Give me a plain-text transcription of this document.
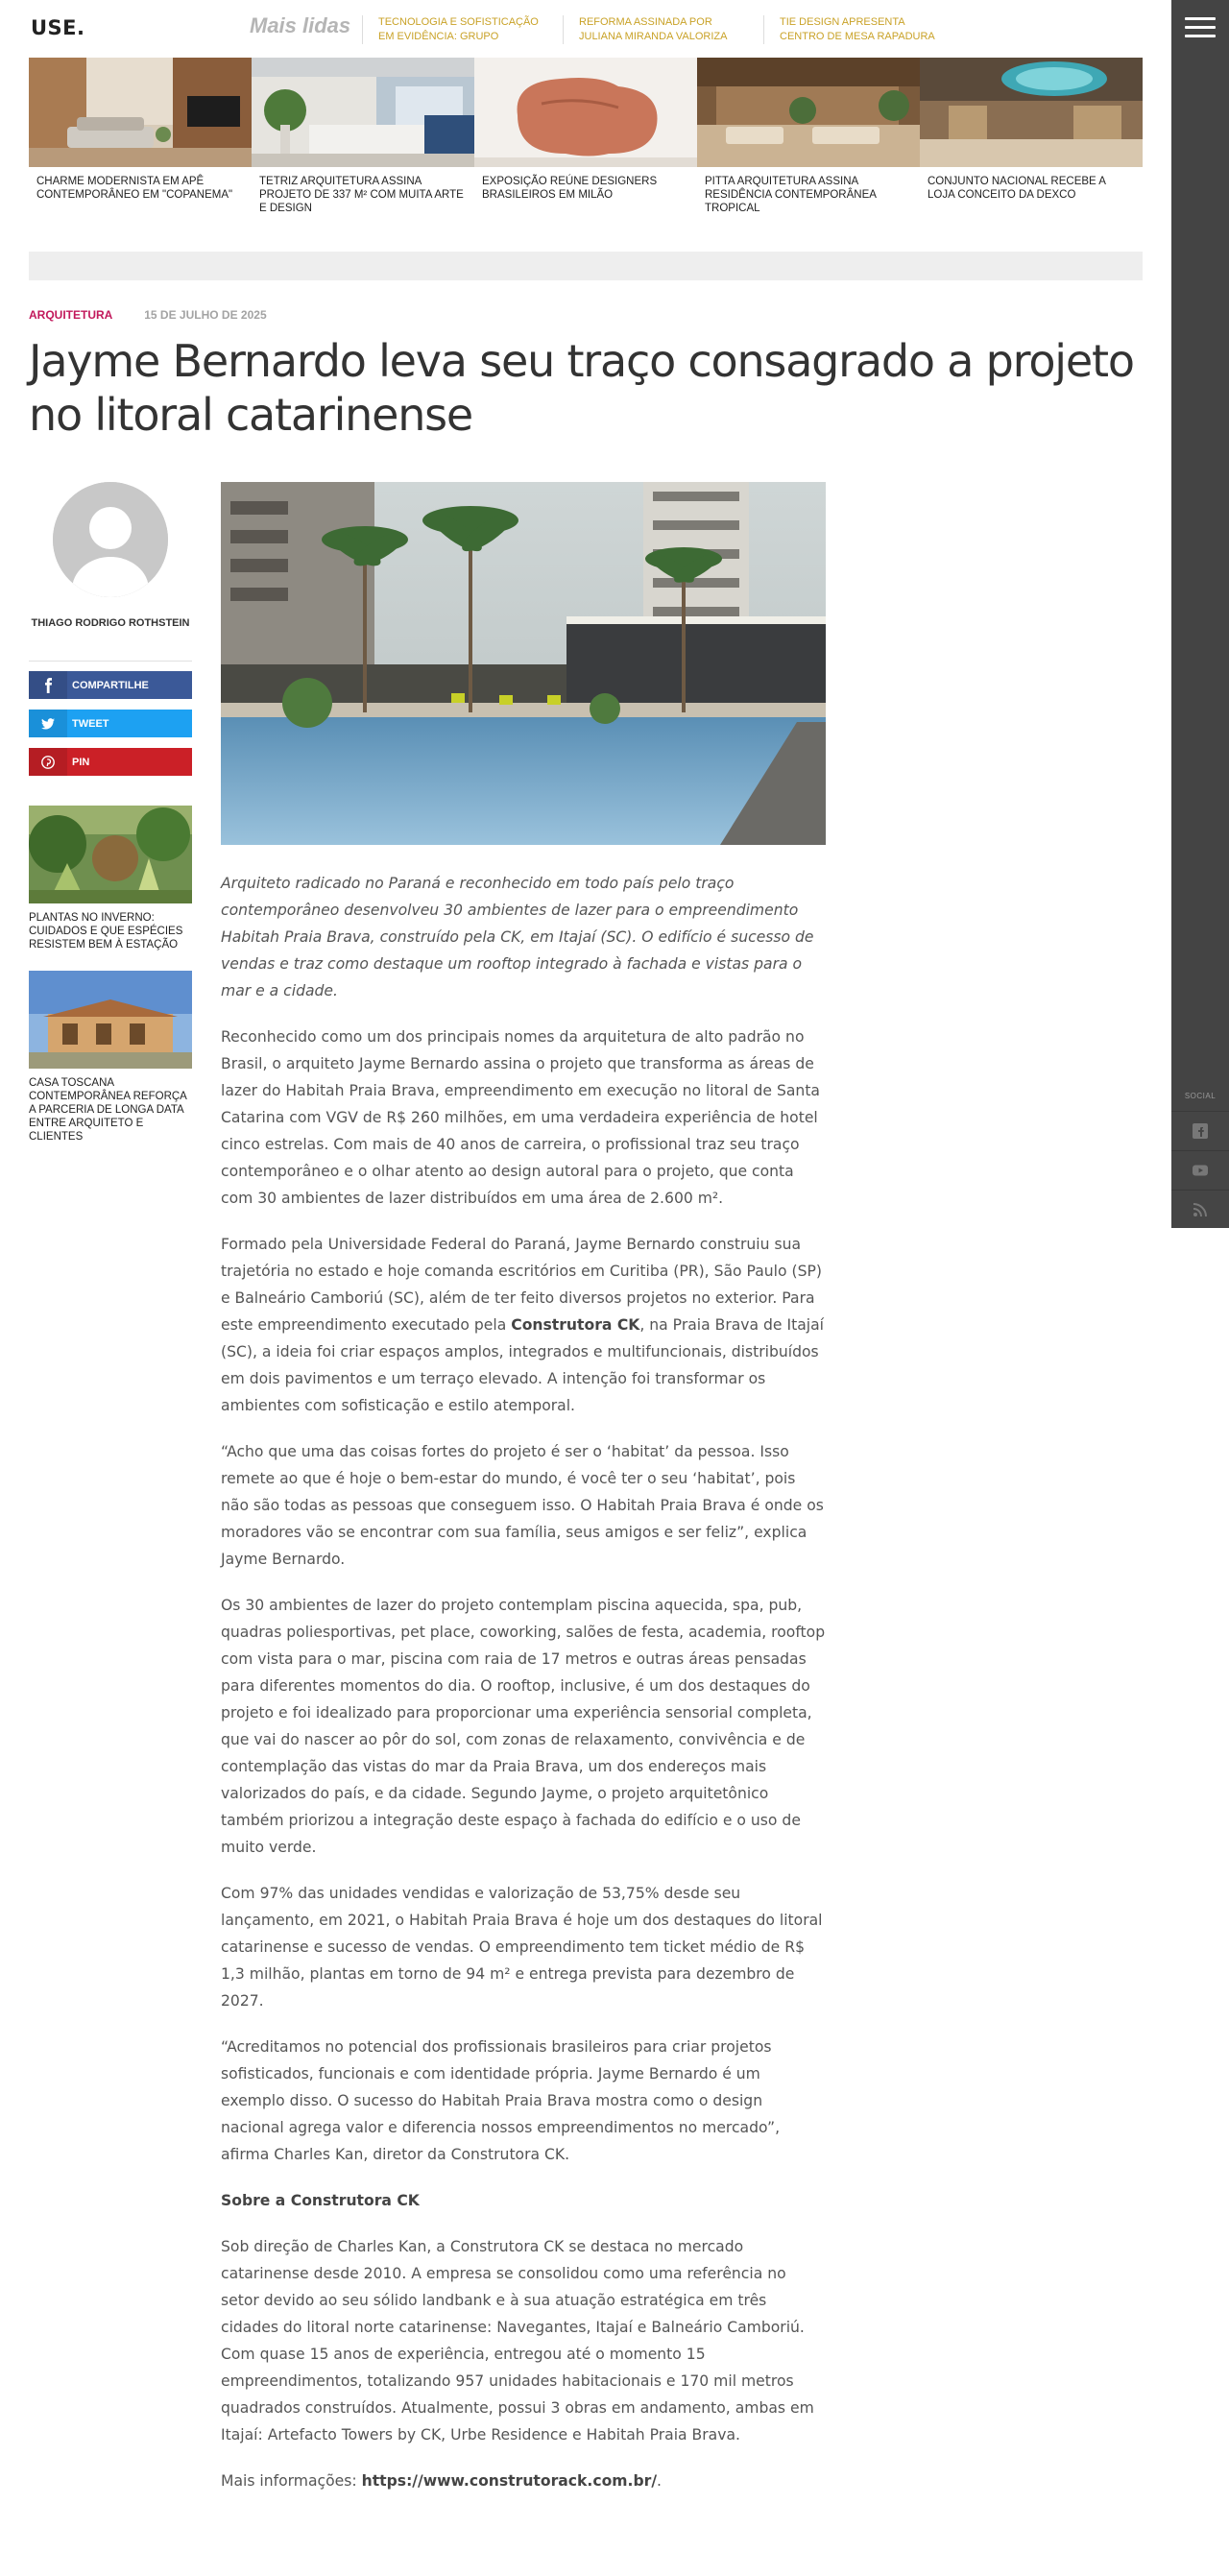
USE.	Mais lidas	TECNOLOGIA E SOFISTICAÇÃO EM EVIDÊNCIA: GRUPO
REFORMA ASSINADA POR JULIANA MIRANDA VALORIZA
TIE DESIGN APRESENTA CENTRO DE MESA RAPADURA
SOCIAL
CHARME MODERNISTA EM APÊ CONTEMPORÂNEO EM "COPANEMA"
TETRIZ ARQUITETURA ASSINA PROJETO DE 337 M² COM MUITA ARTE E DESIGN
EXPOSIÇÃO REÚNE DESIGNERS BRASILEIROS EM MILÃO
PITTA ARQUITETURA ASSINA RESIDÊNCIA CONTEMPORÂNEA TROPICAL
CONJUNTO NACIONAL RECEBE A LOJA CONCEITO DA DEXCO
ARQUITETURA	15 DE JULHO DE 2025
Jayme Bernardo leva seu traço consagrado a projeto no litoral catarinense
THIAGO RODRIGO ROTHSTEIN
COMPARTILHE
TWEET
PIN
PLANTAS NO INVERNO: CUIDADOS E QUE ESPÉCIES RESISTEM BEM À ESTAÇÃO
CASA TOSCANA CONTEMPORÂNEA REFORÇA A PARCERIA DE LONGA DATA ENTRE ARQUITETO E CLIENTES

Arquiteto radicado no Paraná e reconhecido em todo país pelo traço contemporâneo desenvolveu 30 ambientes de lazer para o empreendimento Habitah Praia Brava, construído pela CK, em Itajaí (SC). O edifício é sucesso de vendas e traz como destaque um rooftop integrado à fachada e vistas para o mar e a cidade.

Reconhecido como um dos principais nomes da arquitetura de alto padrão no Brasil, o arquiteto Jayme Bernardo assina o projeto que transforma as áreas de lazer do Habitah Praia Brava, empreendimento em execução no litoral de Santa Catarina com VGV de R$ 260 milhões, em uma verdadeira experiência de hotel cinco estrelas. Com mais de 40 anos de carreira, o profissional traz seu traço contemporâneo e o olhar atento ao design autoral para o projeto, que conta com 30 ambientes de lazer distribuídos em uma área de 2.600 m².

Formado pela Universidade Federal do Paraná, Jayme Bernardo construiu sua trajetória no estado e hoje comanda escritórios em Curitiba (PR), São Paulo (SP) e Balneário Camboriú (SC), além de ter feito diversos projetos no exterior. Para este empreendimento executado pela Construtora CK, na Praia Brava de Itajaí (SC), a ideia foi criar espaços amplos, integrados e multifuncionais, distribuídos em dois pavimentos e um terraço elevado. A intenção foi transformar os ambientes com sofisticação e estilo atemporal.

“Acho que uma das coisas fortes do projeto é ser o ‘habitat’ da pessoa. Isso remete ao que é hoje o bem-estar do mundo, é você ter o seu ‘habitat’, pois não são todas as pessoas que conseguem isso. O Habitah Praia Brava é onde os moradores vão se encontrar com sua família, seus amigos e ser feliz”, explica Jayme Bernardo.

Os 30 ambientes de lazer do projeto contemplam piscina aquecida, spa, pub, quadras poliesportivas, pet place, coworking, salões de festa, academia, rooftop com vista para o mar, piscina com raia de 17 metros e outras áreas pensadas para diferentes momentos do dia. O rooftop, inclusive, é um dos destaques do projeto e foi idealizado para proporcionar uma experiência sensorial completa, que vai do nascer ao pôr do sol, com zonas de relaxamento, convivência e de contemplação das vistas do mar da Praia Brava, um dos endereços mais valorizados do país, e da cidade. Segundo Jayme, o projeto arquitetônico também priorizou a integração deste espaço à fachada do edifício e o uso de muito verde.

Com 97% das unidades vendidas e valorização de 53,75% desde seu lançamento, em 2021, o Habitah Praia Brava é hoje um dos destaques do litoral catarinense e sucesso de vendas. O empreendimento tem ticket médio de R$ 1,3 milhão, plantas em torno de 94 m² e entrega prevista para dezembro de 2027.

“Acreditamos no potencial dos profissionais brasileiros para criar projetos sofisticados, funcionais e com identidade própria. Jayme Bernardo é um exemplo disso. O sucesso do Habitah Praia Brava mostra como o design nacional agrega valor e diferencia nossos empreendimentos no mercado”, afirma Charles Kan, diretor da Construtora CK.

Sobre a Construtora CK

Sob direção de Charles Kan, a Construtora CK se destaca no mercado catarinense desde 2010. A empresa se consolidou como uma referência no setor devido ao seu sólido landbank e à sua atuação estratégica em três cidades do litoral norte catarinense: Navegantes, Itajaí e Balneário Camboriú. Com quase 15 anos de experiência, entregou até o momento 15 empreendimentos, totalizando 957 unidades habitacionais e 170 mil metros quadrados construídos. Atualmente, possui 3 obras em andamento, ambas em Itajaí: Artefacto Towers by CK, Urbe Residence e Habitah Praia Brava.

Mais informações: https://www.construtorack.com.br/.
